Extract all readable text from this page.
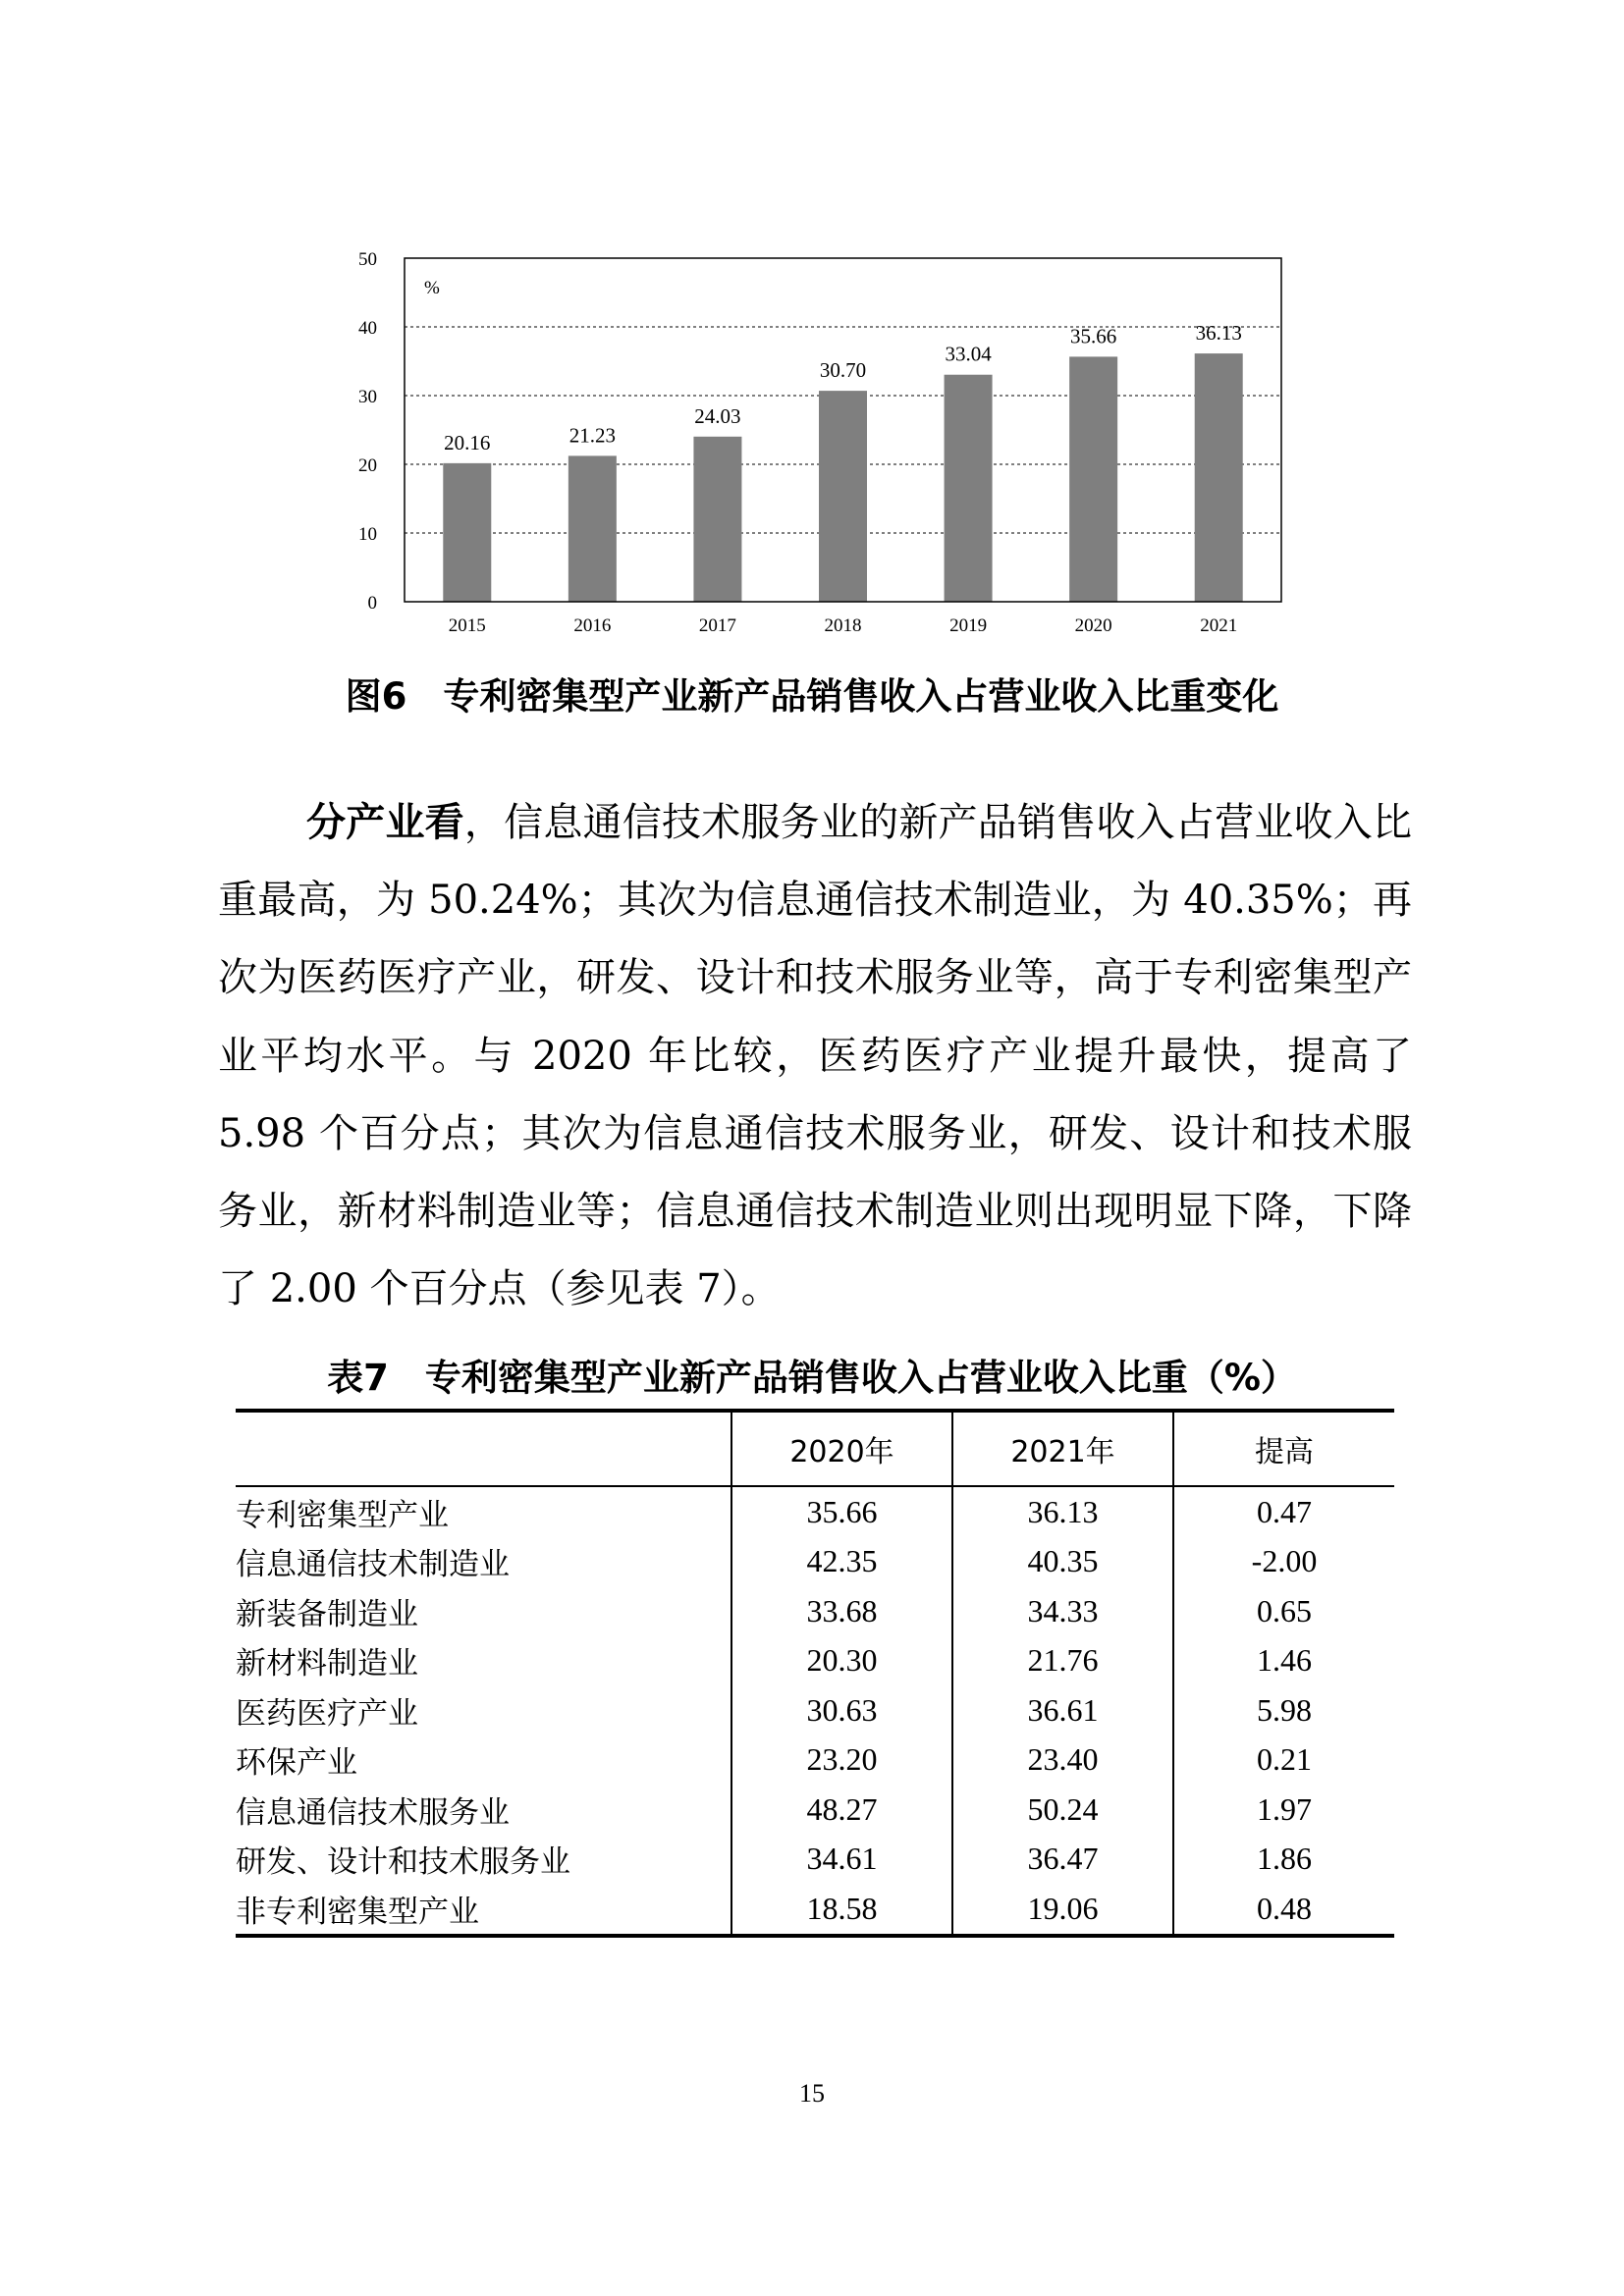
0
10
20
30
40
50
%
20.16
2015
21.23
2016
24.03
2017
30.70
2018
33.04
2019
35.66
2020
36.13
2021
图6　专利密集型产业新产品销售收入占营业收入比重变化

分产业看，信息通信技术服务业的新产品销售收入占营业收入比重最高，为 50.24%；其次为信息通信技术制造业，为 40.35%；再次为医药医疗产业，研发、设计和技术服务业等，高于专利密集型产业平均水平。与 2020 年比较，医药医疗产业提升最快，提高了 5.98 个百分点；其次为信息通信技术服务业，研发、设计和技术服务业，新材料制造业等；信息通信技术制造业则出现明显下降，下降了 2.00 个百分点（参见表 7）。

表7　专利密集型产业新产品销售收入占营业收入比重（%）
	2020年	2021年	提高
专利密集型产业	35.66	36.13	0.47
信息通信技术制造业	42.35	40.35	-2.00
新装备制造业	33.68	34.33	0.65
新材料制造业	20.30	21.76	1.46
医药医疗产业	30.63	36.61	5.98
环保产业	23.20	23.40	0.21
信息通信技术服务业	48.27	50.24	1.97
研发、设计和技术服务业	34.61	36.47	1.86
非专利密集型产业	18.58	19.06	0.48
15
